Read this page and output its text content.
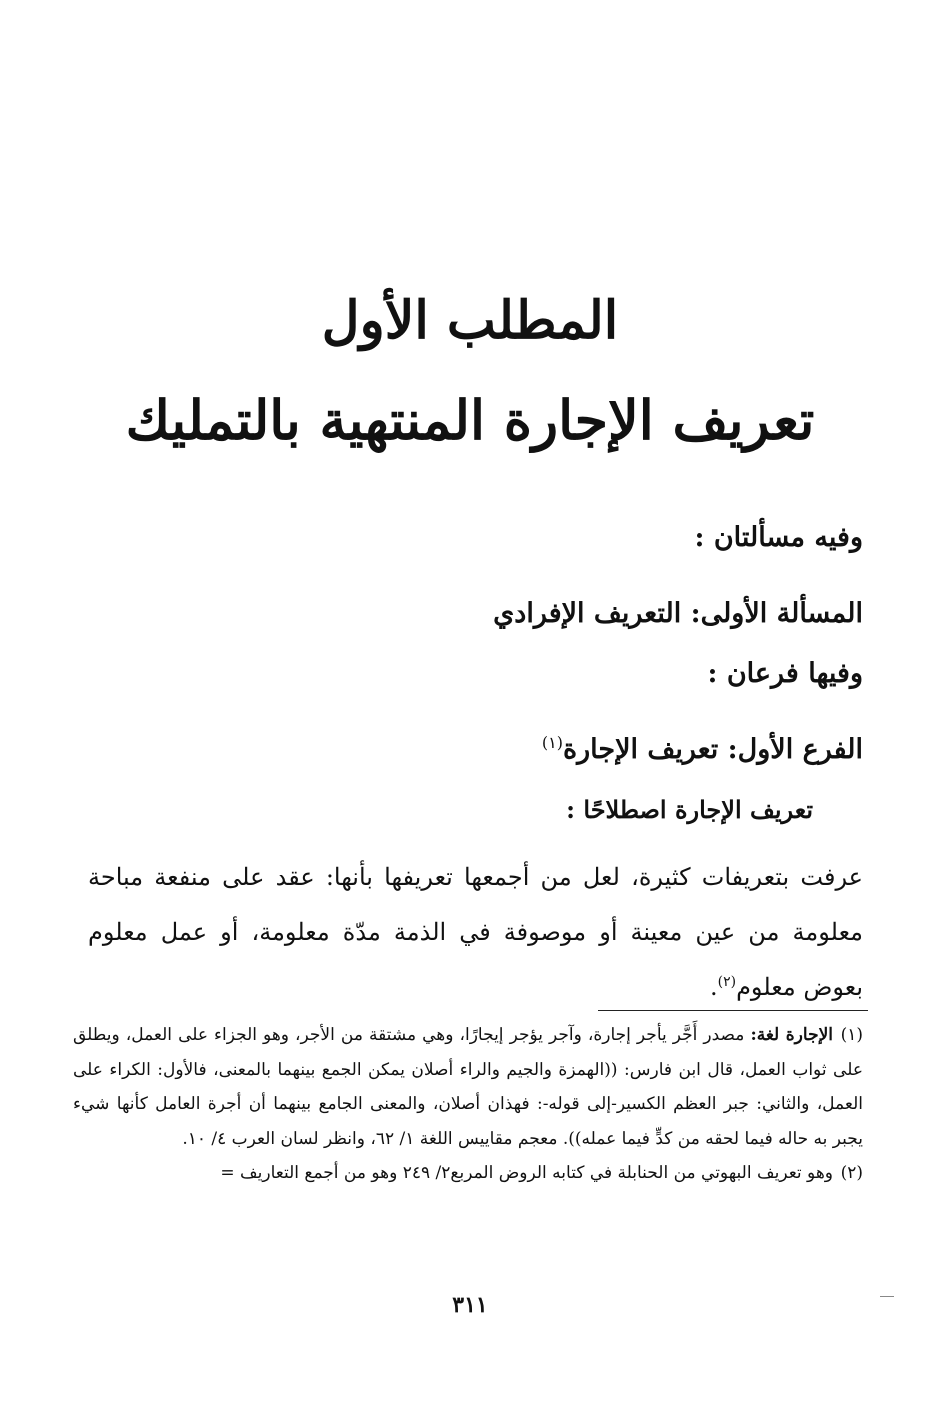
المطلب الأول
تعريف الإجارة المنتهية بالتمليك
وفيه مسألتان :
المسألة الأولى: التعريف الإفرادي
وفيها فرعان :
الفرع الأول: تعريف الإجارة$^{(١)}$
تعريف الإجارة اصطلاحًا :
عرفت بتعريفات كثيرة، لعل من أجمعها تعريفها بأنها: عقد على منفعة مباحة معلومة من عين معينة أو موصوفة في الذمة مدّة معلومة، أو عمل معلوم بعوض معلوم$^{(٢)}$.
(١)الإجارة لغة: مصدر أَجَّر يأجر إجارة، وآجر يؤجر إيجارًا، وهي مشتقة من الأجر، وهو الجزاء على العمل، ويطلق على ثواب العمل، قال ابن فارس: ((الهمزة والجيم والراء أصلان يمكن الجمع بينهما بالمعنى، فالأول: الكراء على العمل، والثاني: جبر العظم الكسير-إلى قوله-: فهذان أصلان، والمعنى الجامع بينهما أن أجرة العامل كأنها شيء يجبر به حاله فيما لحقه من كدٍّ فيما عمله)). معجم مقاييس اللغة ١/ ٦٢، وانظر لسان العرب ٤/ ١٠.
(٢)وهو تعريف البهوتي من الحنابلة في كتابه الروض المربع٢/ ٢٤٩ وهو من أجمع التعاريف =
٣١١
